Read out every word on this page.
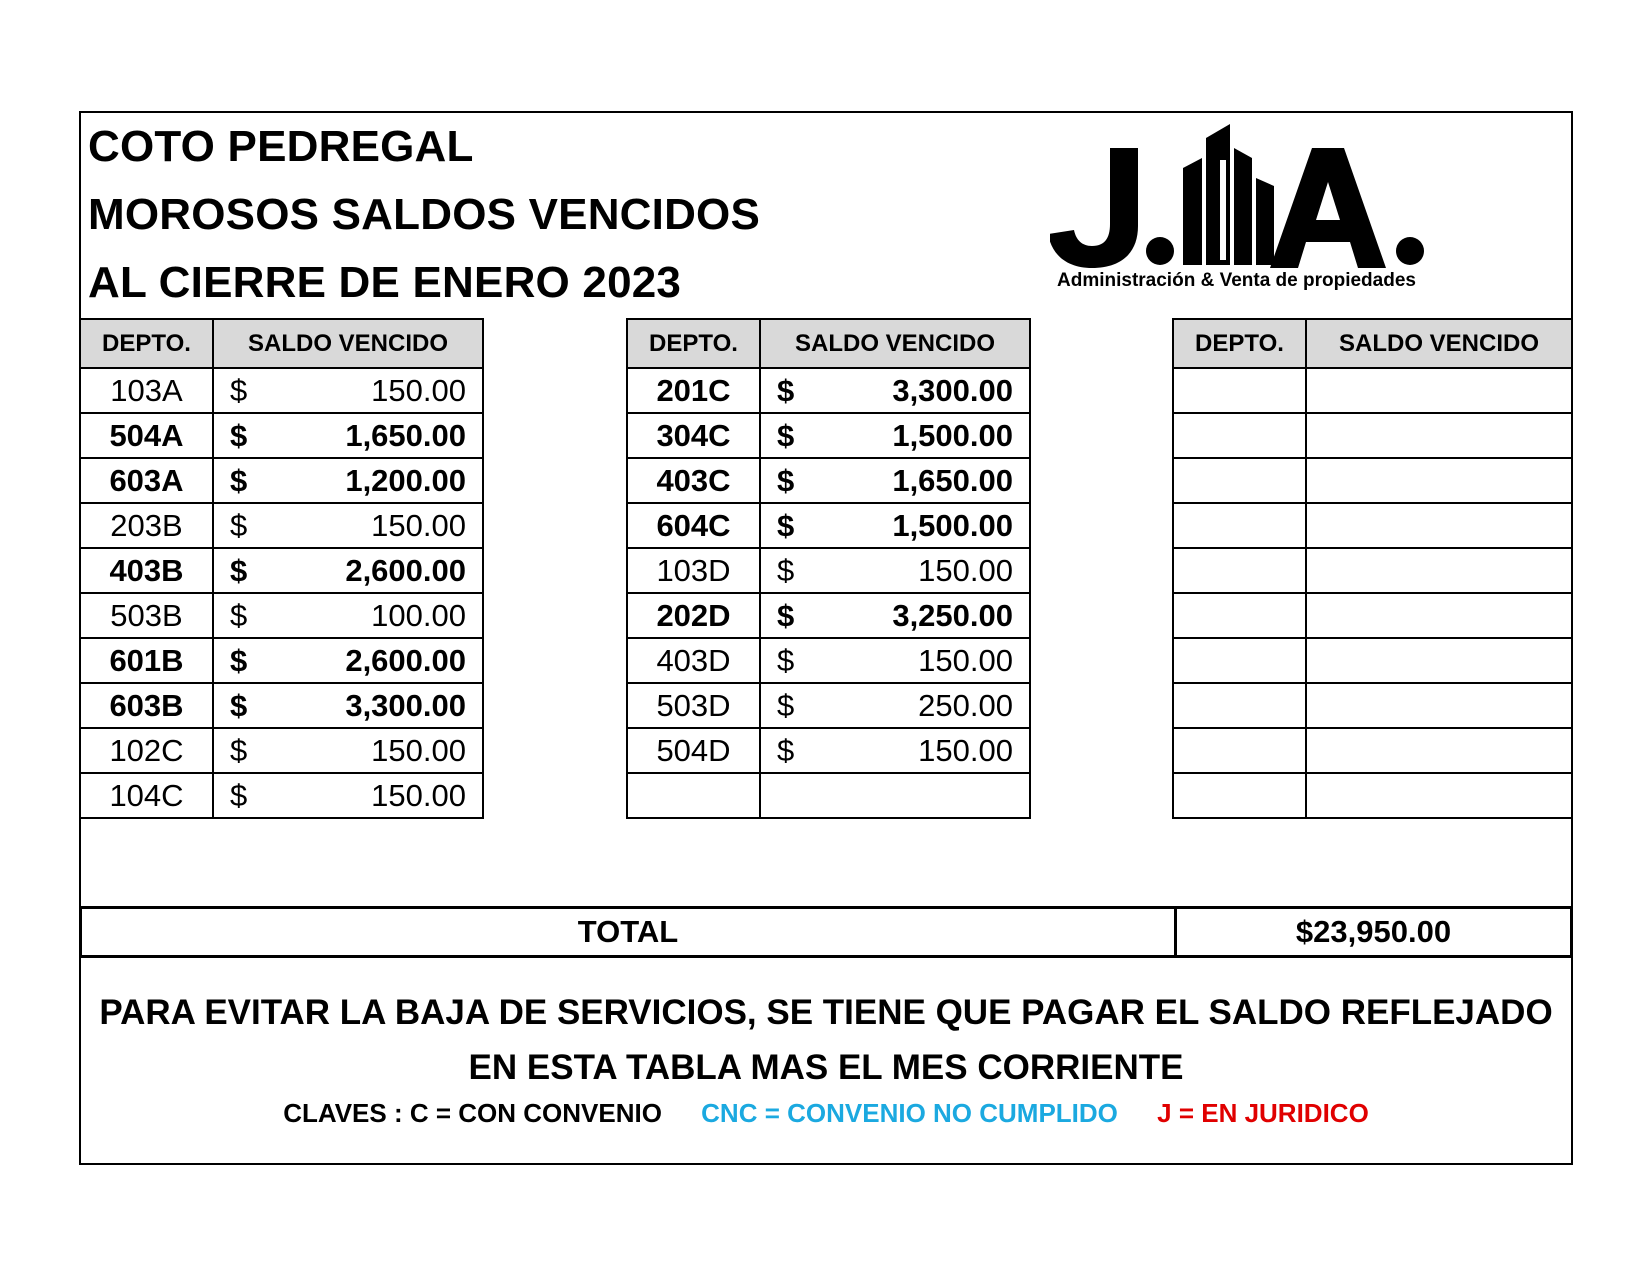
COTO PEDREGAL
MOROSOS SALDOS VENCIDOS
AL CIERRE DE ENERO 2023	Administración & Venta de propiedades
DEPTO.	SALDO VENCIDO
103A	$ 150.00

504A	$ 1,650.00

603A	$ 1,200.00

203B	$ 150.00

403B	$ 2,600.00

503B	$ 100.00

601B	$ 2,600.00

603B	$ 3,300.00

102C	$ 150.00

104C	$ 150.00
DEPTO.	SALDO VENCIDO
201C	$ 3,300.00

304C	$ 1,500.00

403C	$ 1,650.00

604C	$ 1,500.00

103D	$ 150.00

202D	$ 3,250.00

403D	$ 150.00

503D	$ 250.00

504D	$ 150.00

DEPTO.	SALDO VENCIDO

TOTAL	$23,950.00
PARA EVITAR LA BAJA DE SERVICIOS, SE TIENE QUE PAGAR EL SALDO REFLEJADO
EN ESTA TABLA MAS EL MES CORRIENTE
CLAVES : C = CON CONVENIO CNC = CONVENIO NO CUMPLIDO J = EN JURIDICO
